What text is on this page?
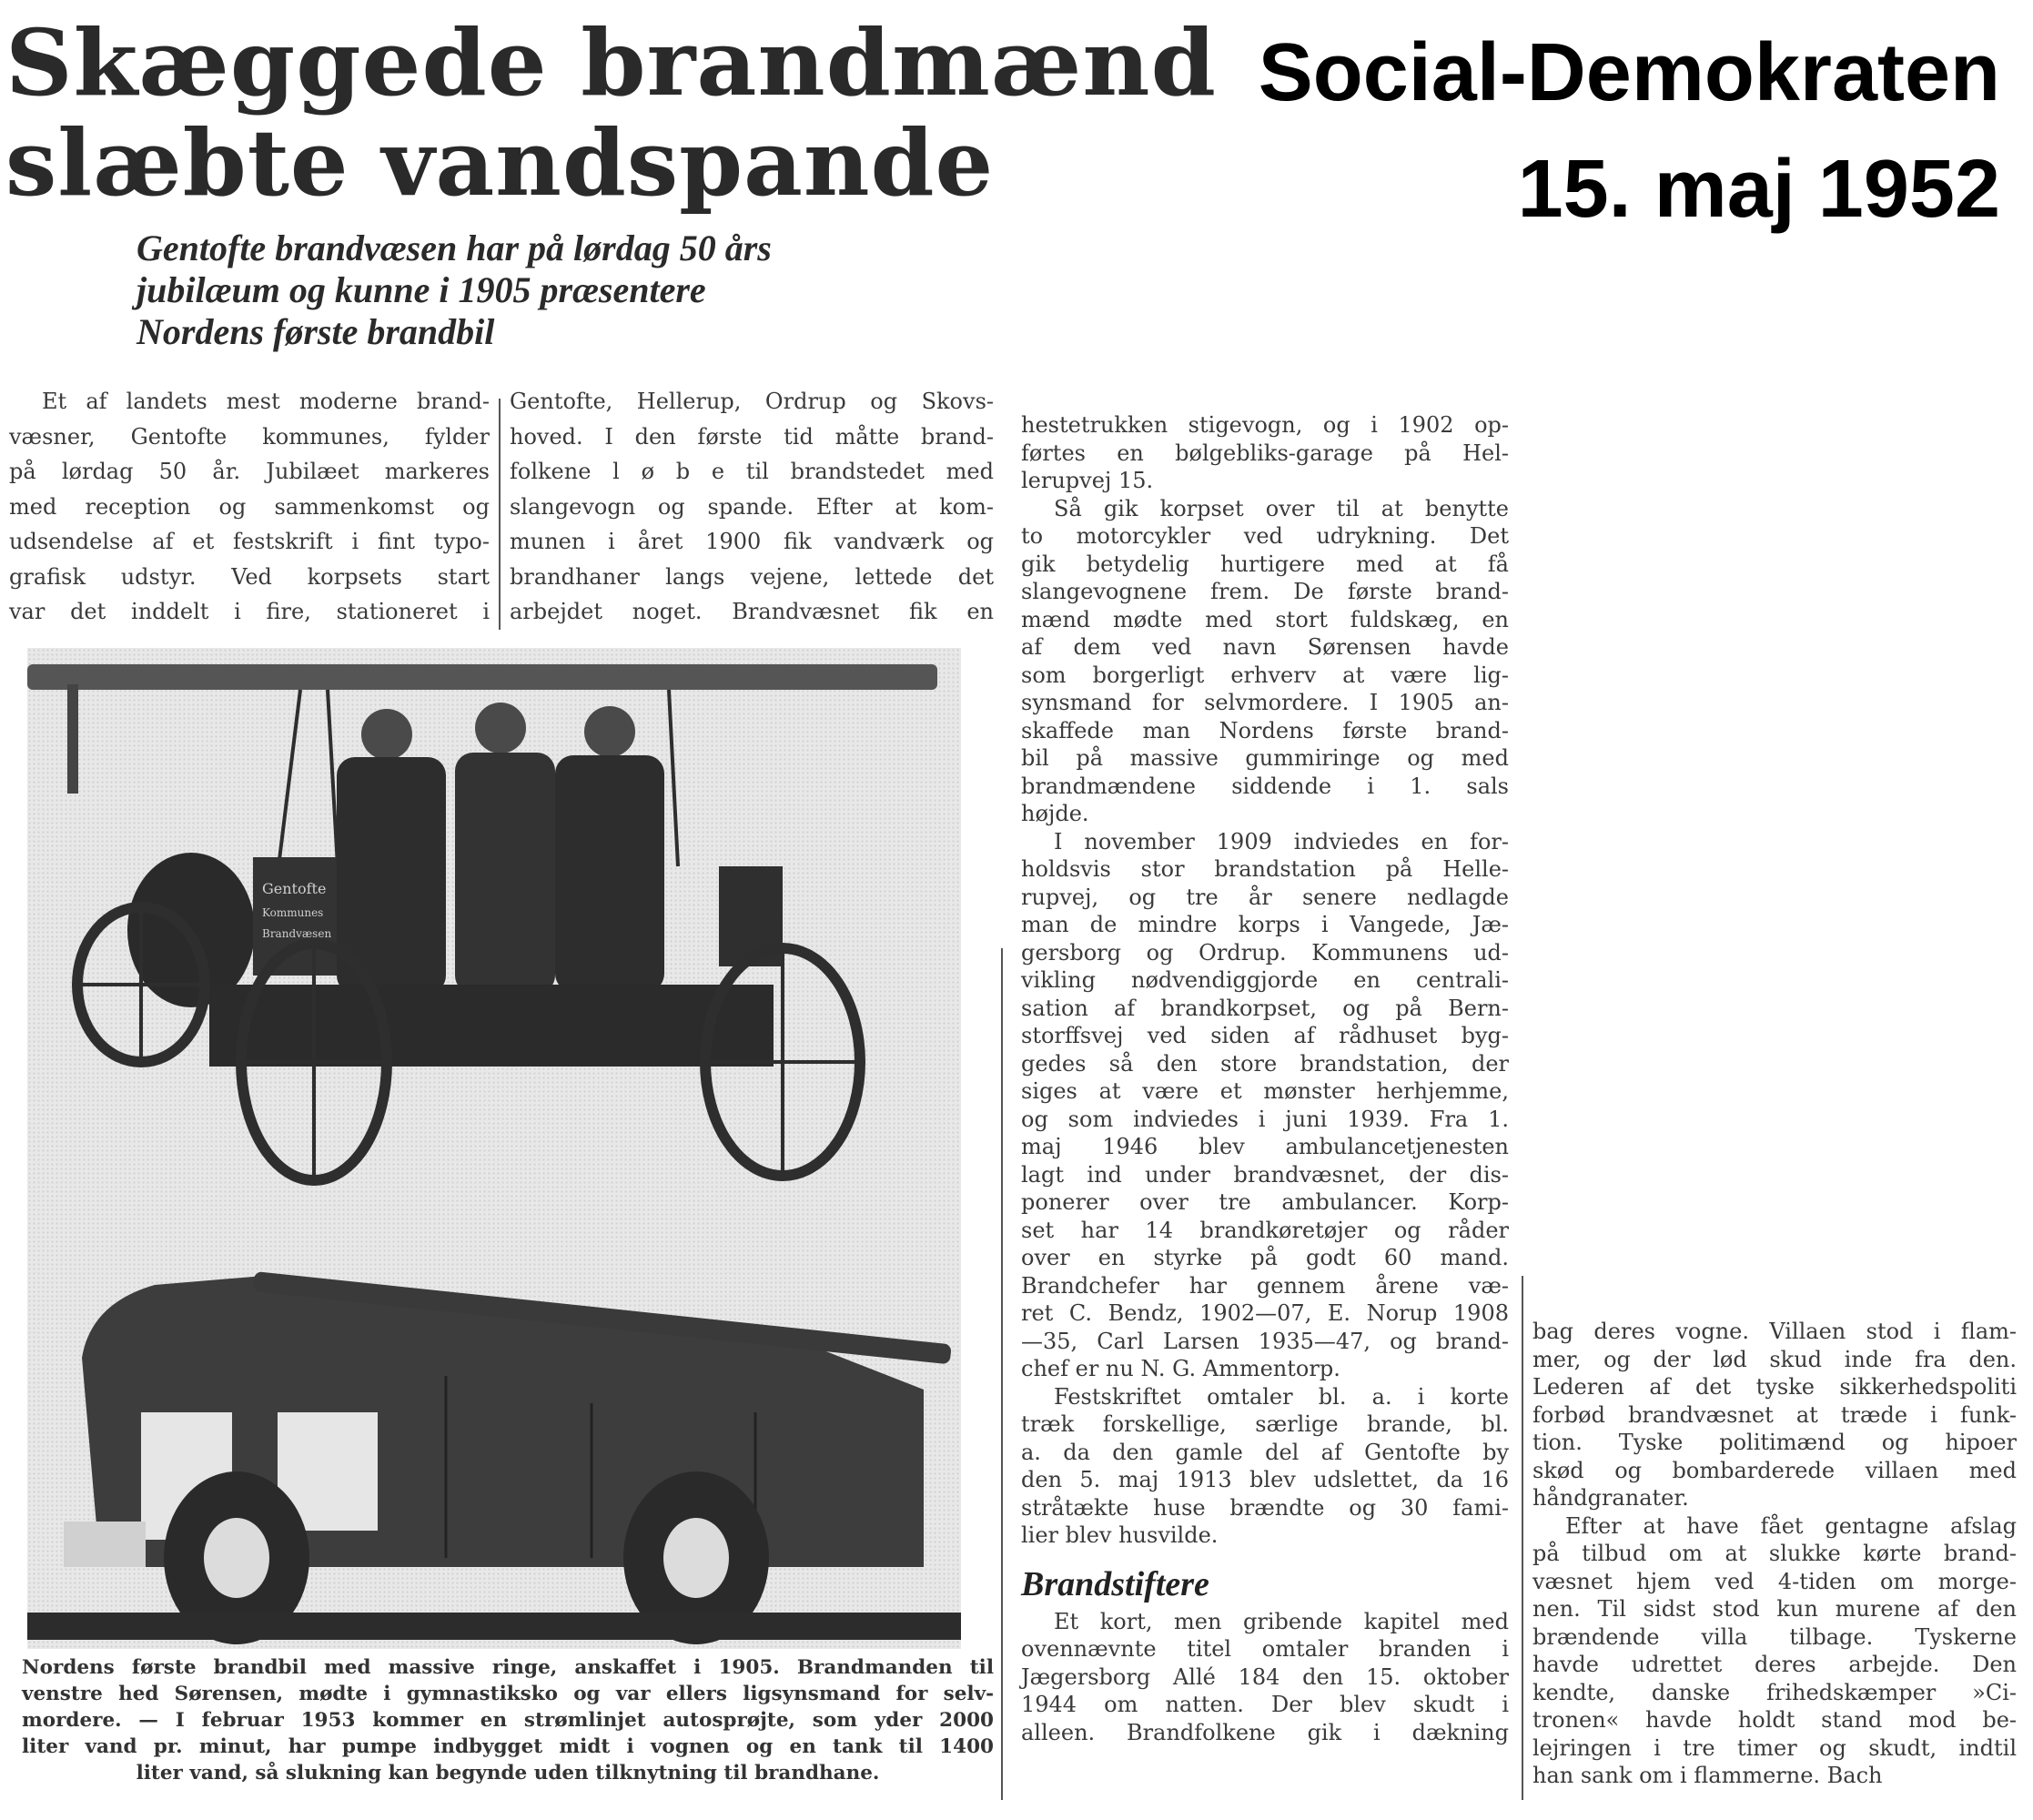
Social-Demokraten
15. maj 1952
Skæggede brandmænd
slæbte vandspande
Gentofte brandvæsen har på lørdag 50 års
jubilæum og kunne i 1905 præsentere
Nordens første brandbil
Et af landets mest moderne brand-
væsner, Gentofte kommunes, fylder
på lørdag 50 år. Jubilæet markeres
med reception og sammenkomst og
udsendelse af et festskrift i fint typo-
grafisk udstyr. Ved korpsets start
var det inddelt i fire, stationeret i
Gentofte, Hellerup, Ordrup og Skovs-
hoved. I den første tid måtte brand-
folkene l ø b e til brandstedet med
slangevogn og spande. Efter at kom-
munen i året 1900 fik vandværk og
brandhaner langs vejene, lettede det
arbejdet noget. Brandvæsnet fik en
hestetrukken stigevogn, og i 1902 op-
førtes en bølgebliks-garage på Hel-
lerupvej 15.
Så gik korpset over til at benytte
to motorcykler ved udrykning. Det
gik betydelig hurtigere med at få
slangevognene frem. De første brand-
mænd mødte med stort fuldskæg, en
af dem ved navn Sørensen havde
som borgerligt erhverv at være lig-
synsmand for selvmordere. I 1905 an-
skaffede man Nordens første brand-
bil på massive gummiringe og med
brandmændene siddende i 1. sals
højde.
I november 1909 indviedes en for-
holdsvis stor brandstation på Helle-
rupvej, og tre år senere nedlagde
man de mindre korps i Vangede, Jæ-
gersborg og Ordrup. Kommunens ud-
vikling nødvendiggjorde en centrali-
sation af brandkorpset, og på Bern-
storffsvej ved siden af rådhuset byg-
gedes så den store brandstation, der
siges at være et mønster herhjemme,
og som indviedes i juni 1939. Fra 1.
maj 1946 blev ambulancetjenesten
lagt ind under brandvæsnet, der dis-
ponerer over tre ambulancer. Korp-
set har 14 brandkøretøjer og råder
over en styrke på godt 60 mand.
Brandchefer har gennem årene væ-
ret C. Bendz, 1902—07, E. Norup 1908
—35, Carl Larsen 1935—47, og brand-
chef er nu N. G. Ammentorp.
Festskriftet omtaler bl. a. i korte
træk forskellige, særlige brande, bl.
a. da den gamle del af Gentofte by
den 5. maj 1913 blev udslettet, da 16
stråtækte huse brændte og 30 fami-
lier blev husvilde.
Brandstiftere
Et kort, men gribende kapitel med
ovennævnte titel omtaler branden i
Jægersborg Allé 184 den 15. oktober
1944 om natten. Der blev skudt i
alleen. Brandfolkene gik i dækning
bag deres vogne. Villaen stod i flam-
mer, og der lød skud inde fra den.
Lederen af det tyske sikkerhedspoliti
forbød brandvæsnet at træde i funk-
tion. Tyske politimænd og hipoer
skød og bombarderede villaen med
håndgranater.
Efter at have fået gentagne afslag
på tilbud om at slukke kørte brand-
væsnet hjem ved 4-tiden om morge-
nen. Til sidst stod kun murene af den
brændende villa tilbage. Tyskerne
havde udrettet deres arbejde. Den
kendte, danske frihedskæmper »Ci-
tronen« havde holdt stand mod be-
lejringen i tre timer og skudt, indtil
han sank om i flammerne. Bach
Gentofte
Kommunes
Brandvæsen
Nordens første brandbil med massive ringe, anskaffet i 1905. Brandmanden til
venstre hed Sørensen, mødte i gymnastiksko og var ellers ligsynsmand for selv-
mordere. — I februar 1953 kommer en strømlinjet autosprøjte, som yder 2000
liter vand pr. minut, har pumpe indbygget midt i vognen og en tank til 1400
liter vand, så slukning kan begynde uden tilknytning til brandhane.
